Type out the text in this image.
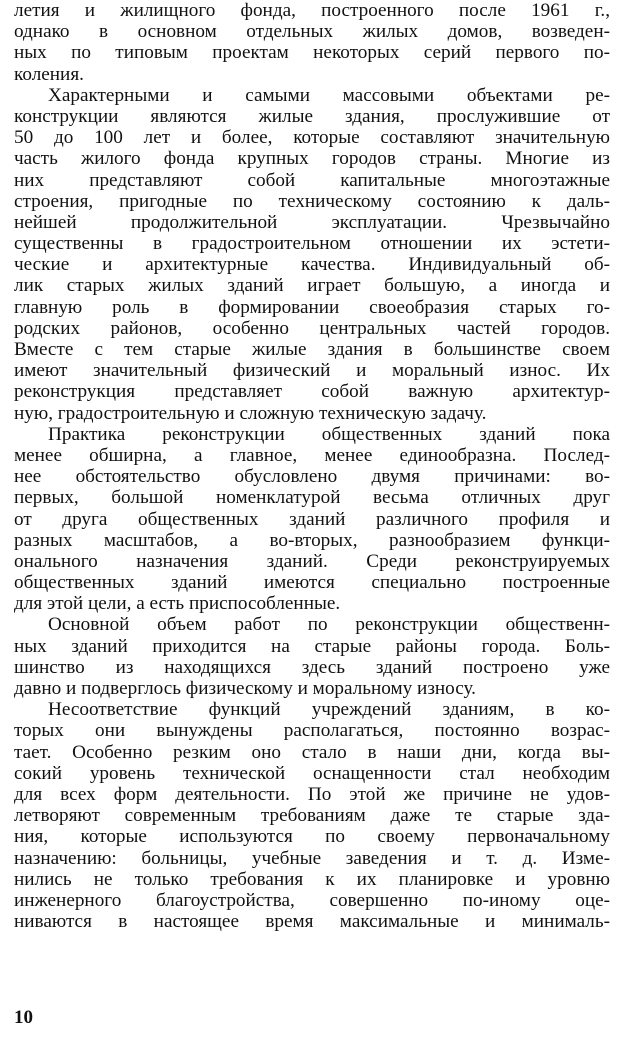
летия и жилищного фонда, построенного после 1961 г.,
однако в основном отдельных жилых домов, возведен-
ных по типовым проектам некоторых серий первого по-
коления.
Характерными и самыми массовыми объектами ре-
конструкции являются жилые здания, прослужившие от
50 до 100 лет и более, которые составляют значительную
часть жилого фонда крупных городов страны. Многие из
них представляют собой капитальные многоэтажные
строения, пригодные по техническому состоянию к даль-
нейшей продолжительной эксплуатации. Чрезвычайно
существенны в градостроительном отношении их эстети-
ческие и архитектурные качества. Индивидуальный об-
лик старых жилых зданий играет большую, а иногда и
главную роль в формировании своеобразия старых го-
родских районов, особенно центральных частей городов.
Вместе с тем старые жилые здания в большинстве своем
имеют значительный физический и моральный износ. Их
реконструкция представляет собой важную архитектур-
ную, градостроительную и сложную техническую задачу.
Практика реконструкции общественных зданий пока
менее обширна, а главное, менее единообразна. Послед-
нее обстоятельство обусловлено двумя причинами: во-
первых, большой номенклатурой весьма отличных друг
от друга общественных зданий различного профиля и
разных масштабов, а во-вторых, разнообразием функци-
онального назначения зданий. Среди реконструируемых
общественных зданий имеются специально построенные
для этой цели, а есть приспособленные.
Основной объем работ по реконструкции общественн-
ных зданий приходится на старые районы города. Боль-
шинство из находящихся здесь зданий построено уже
давно и подверглось физическому и моральному износу.
Несоответствие функций учреждений зданиям, в ко-
торых они вынуждены располагаться, постоянно возрас-
тает. Особенно резким оно стало в наши дни, когда вы-
сокий уровень технической оснащенности стал необходим
для всех форм деятельности. По этой же причине не удов-
летворяют современным требованиям даже те старые зда-
ния, которые используются по своему первоначальному
назначению: больницы, учебные заведения и т. д. Изме-
нились не только требования к их планировке и уровню
инженерного благоустройства, совершенно по-иному оце-
ниваются в настоящее время максимальные и минималь-
10
